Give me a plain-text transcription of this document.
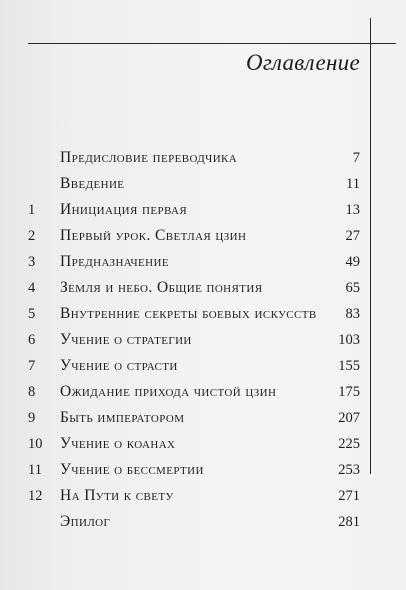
Оглавление
Предисловие переводчика	7
Введение	11
1 Инициация первая	13
2 Первый урок. Светлая цзин	27
3 Предназначение	49
4 Земля и небо. Общие понятия	65
5 Внутренние секреты боевых искусств 83
6 Учение о стратегии	103
7 Учение о страсти	155
8 Ожидание прихода чистой цзин	175
9 Быть императором	207
10 Учение о коанах	225
11 Учение о бессмертии	253
12 На Пути к свету	271
Эпилог	281
